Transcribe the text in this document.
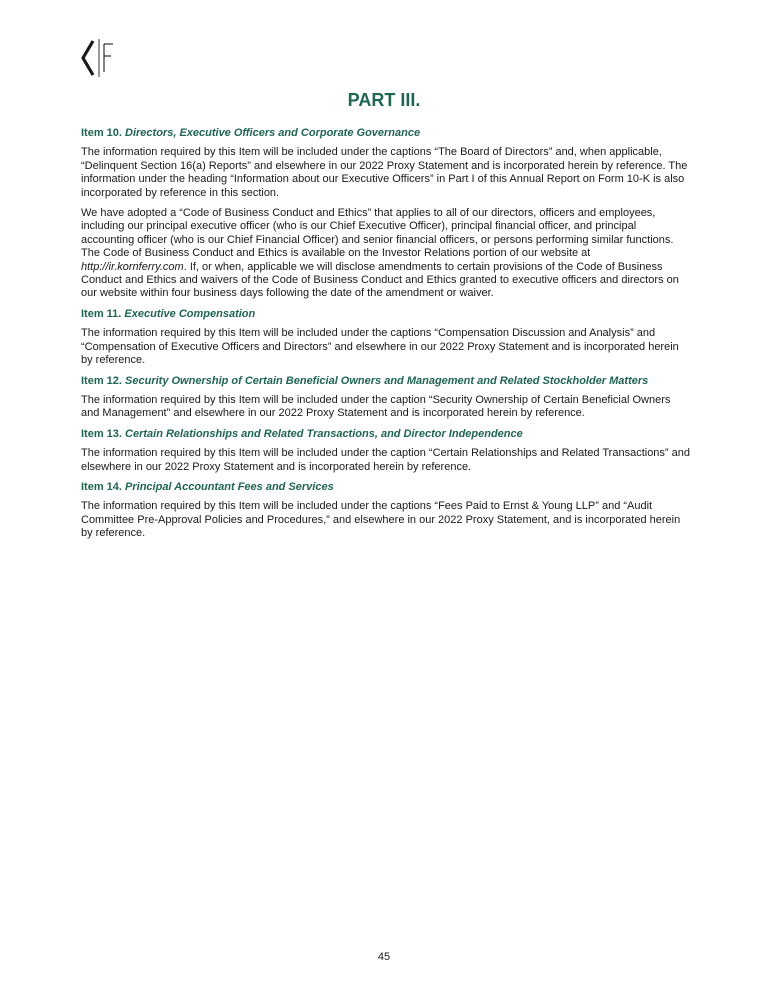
PART III.

Item 10. Directors, Executive Officers and Corporate Governance

The information required by this Item will be included under the captions “The Board of Directors” and, when applicable, “Delinquent Section 16(a) Reports” and elsewhere in our 2022 Proxy Statement and is incorporated herein by reference. The information under the heading “Information about our Executive Officers” in Part I of this Annual Report on Form 10-K is also incorporated by reference in this section.

We have adopted a “Code of Business Conduct and Ethics” that applies to all of our directors, officers and employees, including our principal executive officer (who is our Chief Executive Officer), principal financial officer, and principal accounting officer (who is our Chief Financial Officer) and senior financial officers, or persons performing similar functions. The Code of Business Conduct and Ethics is available on the Investor Relations portion of our website at http://ir.kornferry.com. If, or when, applicable we will disclose amendments to certain provisions of the Code of Business Conduct and Ethics and waivers of the Code of Business Conduct and Ethics granted to executive officers and directors on our website within four business days following the date of the amendment or waiver.

Item 11. Executive Compensation

The information required by this Item will be included under the captions “Compensation Discussion and Analysis” and “Compensation of Executive Officers and Directors” and elsewhere in our 2022 Proxy Statement and is incorporated herein by reference.

Item 12. Security Ownership of Certain Beneficial Owners and Management and Related Stockholder Matters

The information required by this Item will be included under the caption “Security Ownership of Certain Beneficial Owners and Management” and elsewhere in our 2022 Proxy Statement and is incorporated herein by reference.

Item 13. Certain Relationships and Related Transactions, and Director Independence

The information required by this Item will be included under the caption “Certain Relationships and Related Transactions” and elsewhere in our 2022 Proxy Statement and is incorporated herein by reference.

Item 14. Principal Accountant Fees and Services

The information required by this Item will be included under the captions “Fees Paid to Ernst & Young LLP” and “Audit Committee Pre-Approval Policies and Procedures,” and elsewhere in our 2022 Proxy Statement, and is incorporated herein by reference.

45
